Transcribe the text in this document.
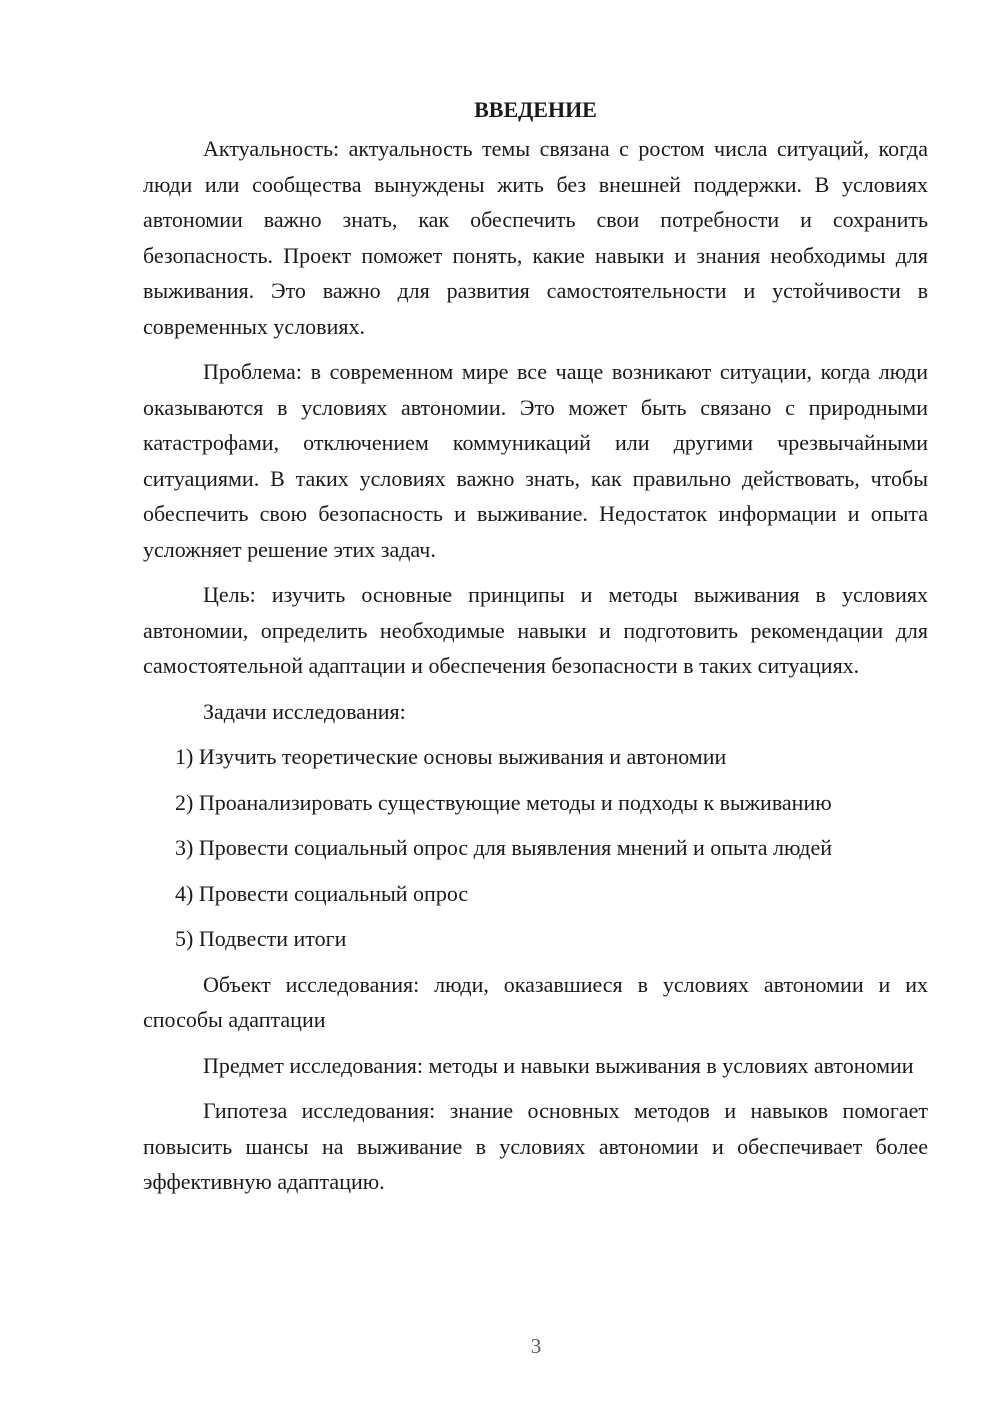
ВВЕДЕНИЕ

Актуальность: актуальность темы связана с ростом числа ситуаций, когда люди или сообщества вынуждены жить без внешней поддержки. В условиях автономии важно знать, как обеспечить свои потребности и сохранить безопасность. Проект поможет понять, какие навыки и знания необходимы для выживания. Это важно для развития самостоятельности и устойчивости в современных условиях.

Проблема: в современном мире все чаще возникают ситуации, когда люди оказываются в условиях автономии. Это может быть связано с природными катастрофами, отключением коммуникаций или другими чрезвычайными ситуациями. В таких условиях важно знать, как правильно действовать, чтобы обеспечить свою безопасность и выживание. Недостаток информации и опыта усложняет решение этих задач.

Цель: изучить основные принципы и методы выживания в условиях автономии, определить необходимые навыки и подготовить рекомендации для самостоятельной адаптации и обеспечения безопасности в таких ситуациях.

Задачи исследования:
1) Изучить теоретические основы выживания и автономии
2) Проанализировать существующие методы и подходы к выживанию
3) Провести социальный опрос для выявления мнений и опыта людей
4) Провести социальный опрос
5) Подвести итоги

Объект исследования: люди, оказавшиеся в условиях автономии и их способы адаптации

Предмет исследования: методы и навыки выживания в условиях автономии

Гипотеза исследования: знание основных методов и навыков помогает повысить шансы на выживание в условиях автономии и обеспечивает более эффективную адаптацию.

3
